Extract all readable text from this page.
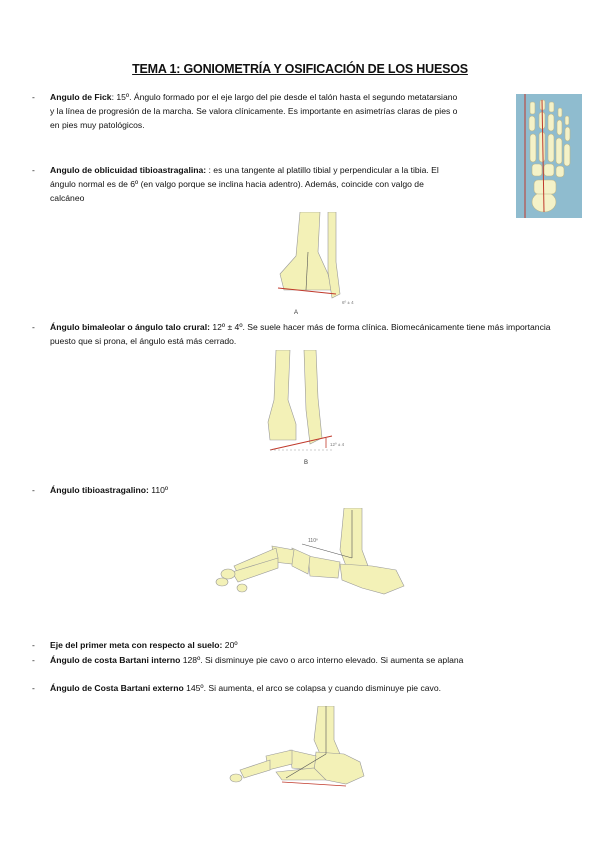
TEMA 1: GONIOMETRÍA Y OSIFICACIÓN DE LOS HUESOS
- Angulo de Fick: 15º. Ángulo formado por el eje largo del pie desde el talón hasta el segundo metatarsiano
y la línea de progresión de la marcha. Se valora clínicamente. Es importante en asimetrías claras de pies o
en pies muy patológicos.
- Angulo de oblicuidad tibioastragalina: : es una tangente al platillo tibial y perpendicular a la tibia. El
ángulo normal es de 6º (en valgo porque se inclina hacia adentro). Además, coincide con valgo de
calcáneo
A
6º ± 4
- Ángulo bimaleolar o ángulo talo crural: 12º ± 4º. Se suele hacer más de forma clínica. Biomecánicamente tiene más importancia
puesto que si prona, el ángulo está más cerrado.
B
12º ± 4
- Ángulo tibioastragalino: 110º
110º
- Eje del primer meta con respecto al suelo: 20º
- Ángulo de costa Bartani interno 128º. Si disminuye pie cavo o arco interno elevado. Si aumenta se aplana
- Ángulo de Costa Bartani externo 145º. Si aumenta, el arco se colapsa y cuando disminuye pie cavo.
